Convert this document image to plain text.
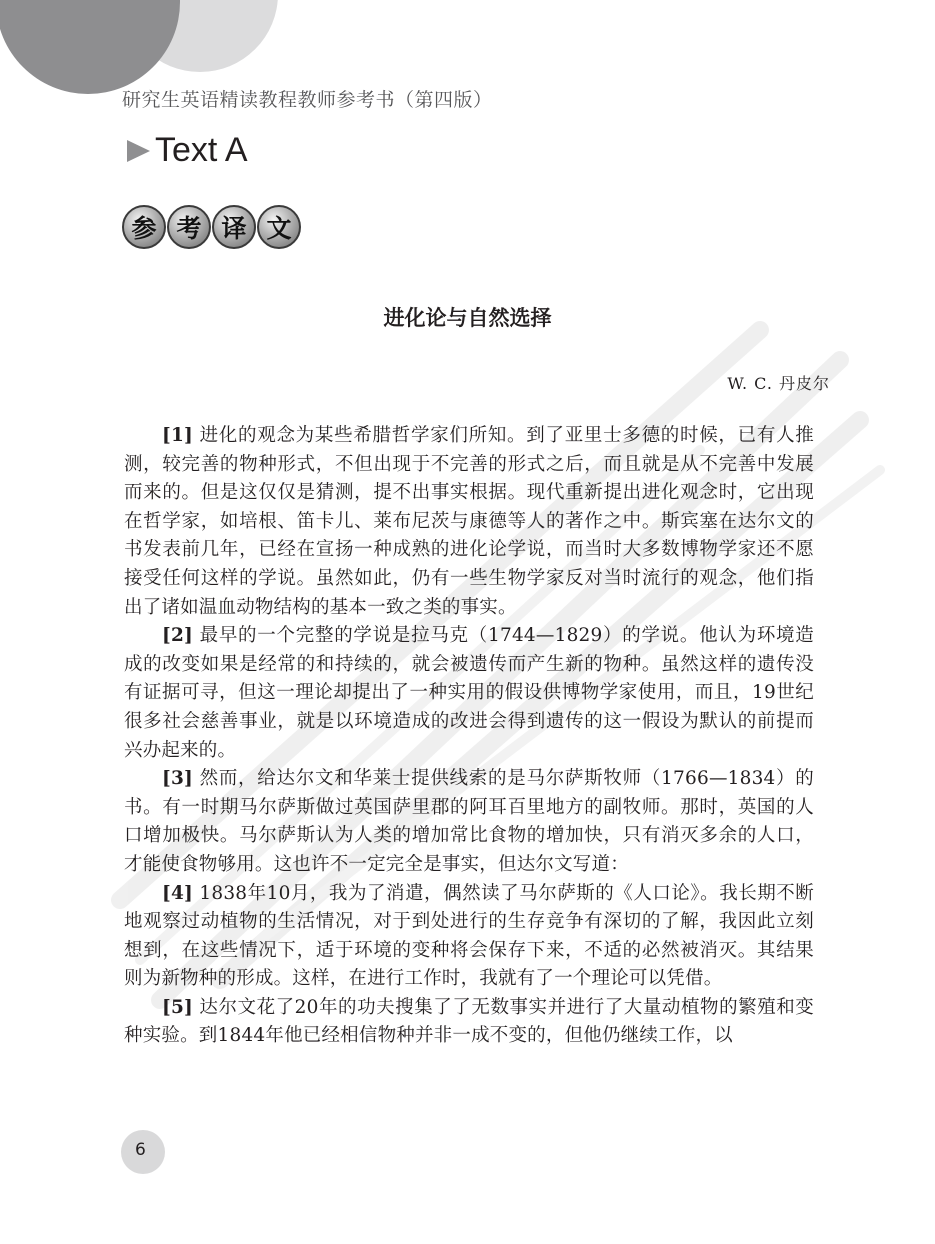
研究生英语精读教程教师参考书（第四版）
Text A
参 考 译 文
进化论与自然选择
W. C. 丹皮尔

[1] 进化的观念为某些希腊哲学家们所知。到了亚里士多德的时候，已有人推测，较完善的物种形式，不但出现于不完善的形式之后，而且就是从不完善中发展而来的。但是这仅仅是猜测，提不出事实根据。现代重新提出进化观念时，它出现在哲学家，如培根、笛卡儿、莱布尼茨与康德等人的著作之中。斯宾塞在达尔文的书发表前几年，已经在宣扬一种成熟的进化论学说，而当时大多数博物学家还不愿接受任何这样的学说。虽然如此，仍有一些生物学家反对当时流行的观念，他们指出了诸如温血动物结构的基本一致之类的事实。

[2] 最早的一个完整的学说是拉马克（1744—1829）的学说。他认为环境造成的改变如果是经常的和持续的，就会被遗传而产生新的物种。虽然这样的遗传没有证据可寻，但这一理论却提出了一种实用的假设供博物学家使用，而且，19世纪很多社会慈善事业，就是以环境造成的改进会得到遗传的这一假设为默认的前提而兴办起来的。

[3] 然而，给达尔文和华莱士提供线索的是马尔萨斯牧师（1766—1834）的书。有一时期马尔萨斯做过英国萨里郡的阿耳百里地方的副牧师。那时，英国的人口增加极快。马尔萨斯认为人类的增加常比食物的增加快，只有消灭多余的人口，才能使食物够用。这也许不一定完全是事实，但达尔文写道：

[4] 1838年10月，我为了消遣，偶然读了马尔萨斯的《人口论》。我长期不断地观察过动植物的生活情况，对于到处进行的生存竞争有深切的了解，我因此立刻想到，在这些情况下，适于环境的变种将会保存下来，不适的必然被消灭。其结果则为新物种的形成。这样，在进行工作时，我就有了一个理论可以凭借。

[5] 达尔文花了20年的功夫搜集了了无数事实并进行了大量动植物的繁殖和变种实验。到1844年他已经相信物种并非一成不变的，但他仍继续工作，以

6
